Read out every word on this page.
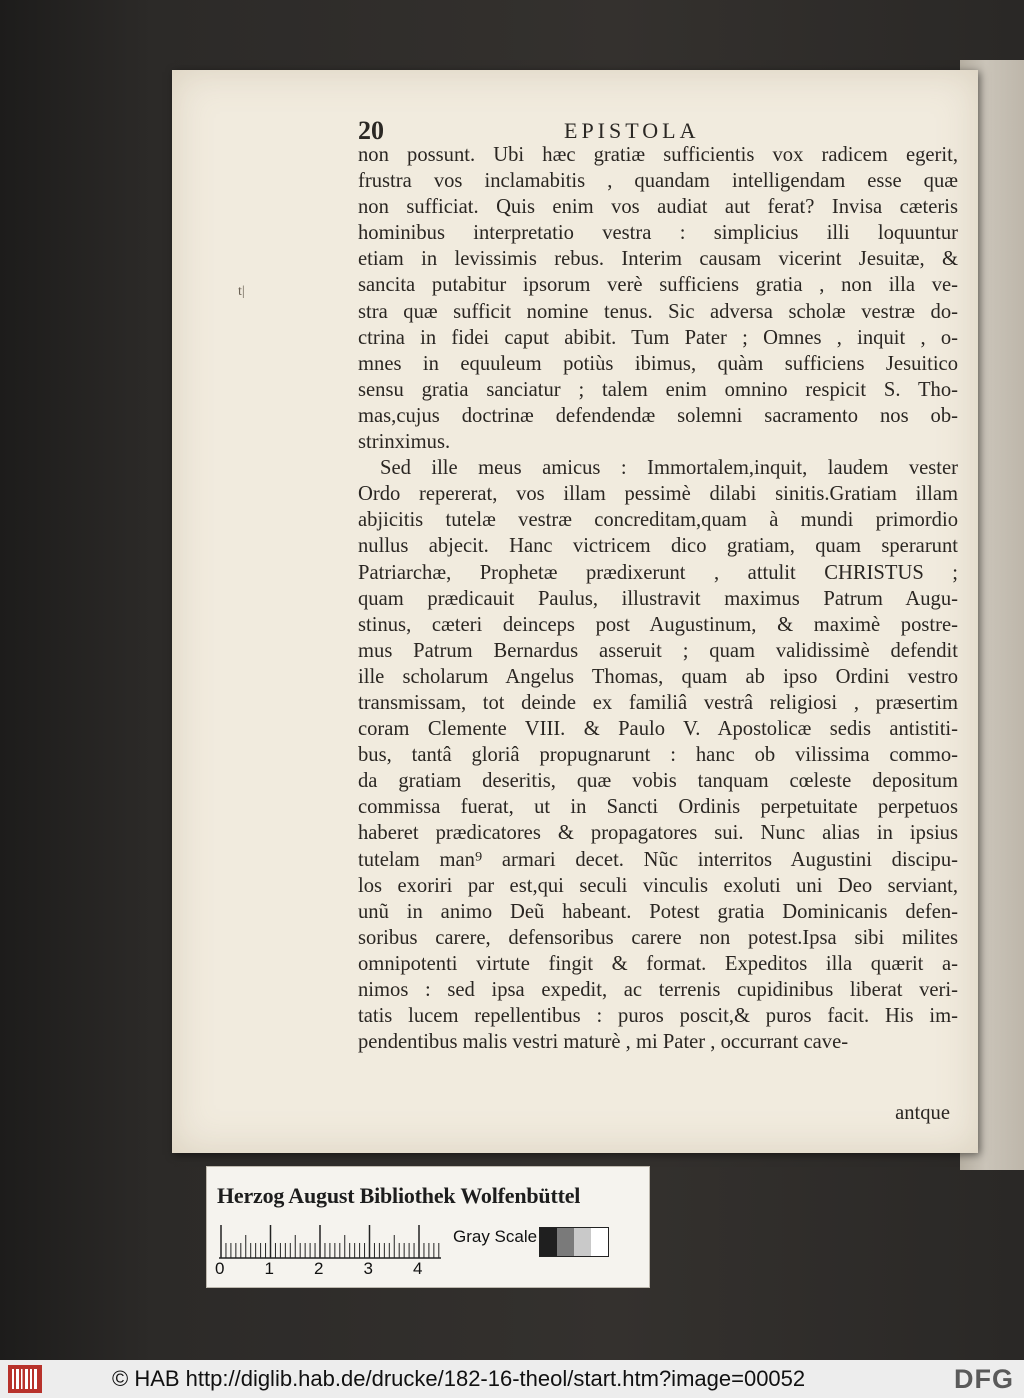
20	EPISTOLA
t|
non possunt. Ubi hæc gratiæ sufficientis vox radicem egerit,
frustra vos inclamabitis , quandam intelligendam esse quæ
non sufficiat. Quis enim vos audiat aut ferat? Invisa cæteris
hominibus interpretatio vestra : simplicius illi loquuntur
etiam in levissimis rebus. Interim causam vicerint Jesuitæ, &
sancita putabitur ipsorum verè sufficiens gratia , non illa ve-
stra quæ sufficit nomine tenus. Sic adversa scholæ vestræ do-
ctrina in fidei caput abibit. Tum Pater ; Omnes , inquit , o-
mnes in equuleum potiùs ibimus, quàm sufficiens Jesuitico
sensu gratia sanciatur ; talem enim omnino respicit S. Tho-
mas,cujus doctrinæ defendendæ solemni sacramento nos ob-
strinximus.
Sed ille meus amicus : Immortalem,inquit, laudem vester
Ordo repererat, vos illam pessimè dilabi sinitis.Gratiam illam
abjicitis tutelæ vestræ concreditam,quam à mundi primordio
nullus abjecit. Hanc victricem dico gratiam, quam sperarunt
Patriarchæ, Prophetæ prædixerunt , attulit CHRISTUS ;
quam prædicauit Paulus, illustravit maximus Patrum Augu-
stinus, cæteri deinceps post Augustinum, & maximè postre-
mus Patrum Bernardus asseruit ; quam validissimè defendit
ille scholarum Angelus Thomas, quam ab ipso Ordini vestro
transmissam, tot deinde ex familiâ vestrâ religiosi , præsertim
coram Clemente VIII. & Paulo V. Apostolicæ sedis antistiti-
bus, tantâ gloriâ propugnarunt : hanc ob vilissima commo-
da gratiam deseritis, quæ vobis tanquam cœleste depositum
commissa fuerat, ut in Sancti Ordinis perpetuitate perpetuos
haberet prædicatores & propagatores sui. Nunc alias in ipsius
tutelam man⁹ armari decet. Nũc interritos Augustini discipu-
los exoriri par est,qui seculi vinculis exoluti uni Deo serviant,
unũ in animo Deũ habeant. Potest gratia Dominicanis defen-
soribus carere, defensoribus carere non potest.Ipsa sibi milites
omnipotenti virtute fingit & format. Expeditos illa quærit a-
nimos : sed ipsa expedit, ac terrenis cupidinibus liberat veri-
tatis lucem repellentibus : puros poscit,& puros facit. His im-
pendentibus malis vestri maturè , mi Pater , occurrant cave-
antque
Herzog August Bibliothek Wolfenbüttel
0 1 2 3 4
Gray Scale
© HAB http://diglib.hab.de/drucke/182-16-theol/start.htm?image=00052	DFG
